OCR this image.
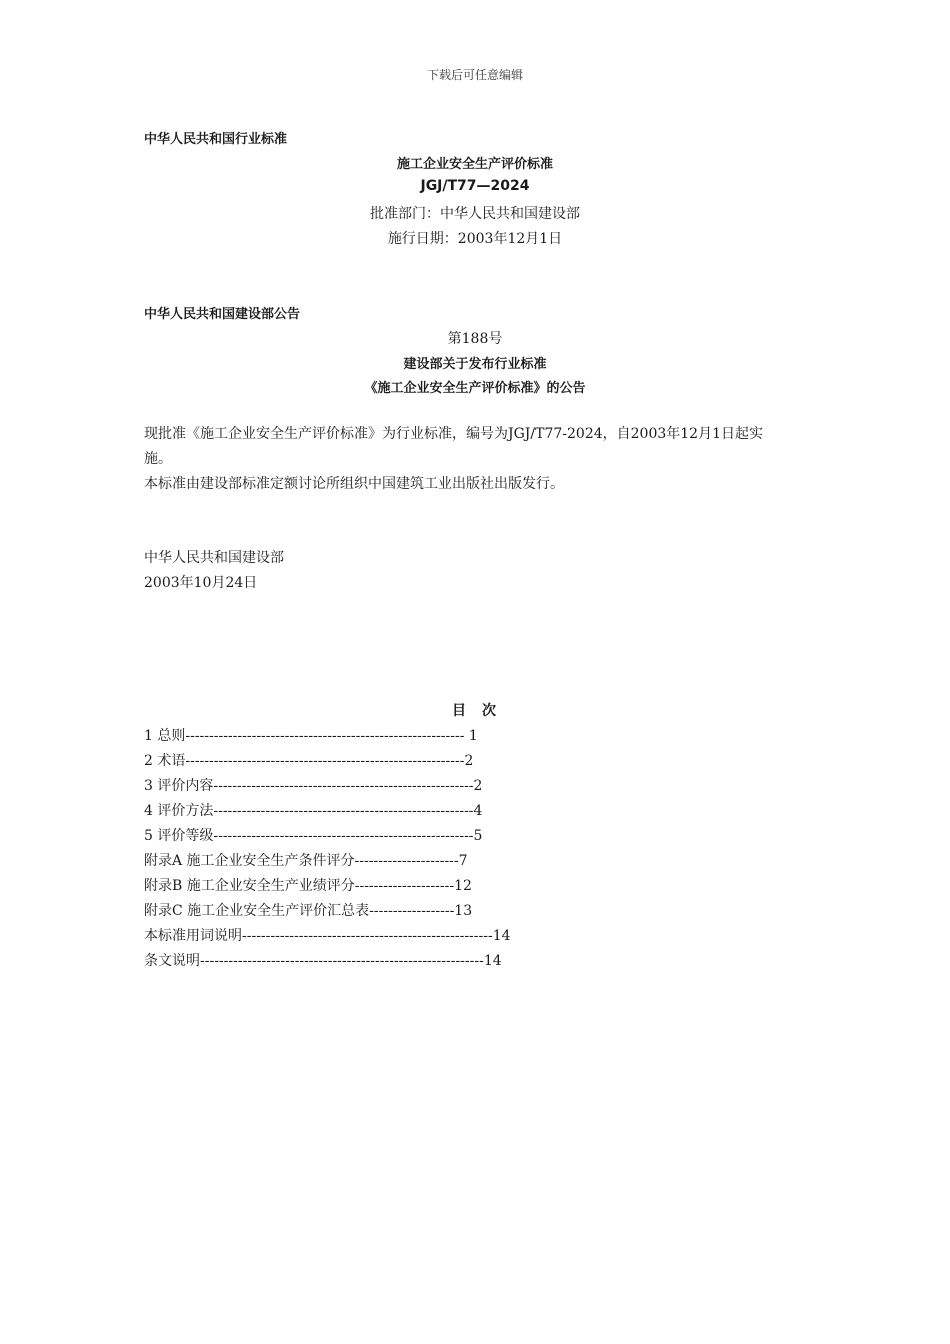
下载后可任意编辑
中华人民共和国行业标准
施工企业安全生产评价标准
JGJ/T77—2024
批准部门：中华人民共和国建设部
施行日期：2003年12月1日
中华人民共和国建设部公告
第188号
建设部关于发布行业标准
《施工企业安全生产评价标准》的公告
现批准《施工企业安全生产评价标准》为行业标准，编号为JGJ/T77-2024，自2003年12月1日起实
施。
本标准由建设部标准定额讨论所组织中国建筑工业出版社出版发行。
中华人民共和国建设部
2003年10月24日
目　次
1 总则----------------------------------------------------------- 1
2 术语-----------------------------------------------------------2
3 评价内容-------------------------------------------------------2
4 评价方法-------------------------------------------------------4
5 评价等级-------------------------------------------------------5
附录A 施工企业安全生产条件评分----------------------7
附录B 施工企业安全生产业绩评分---------------------12
附录C 施工企业安全生产评价汇总表------------------13
本标准用词说明-----------------------------------------------------14
条文说明------------------------------------------------------------14
